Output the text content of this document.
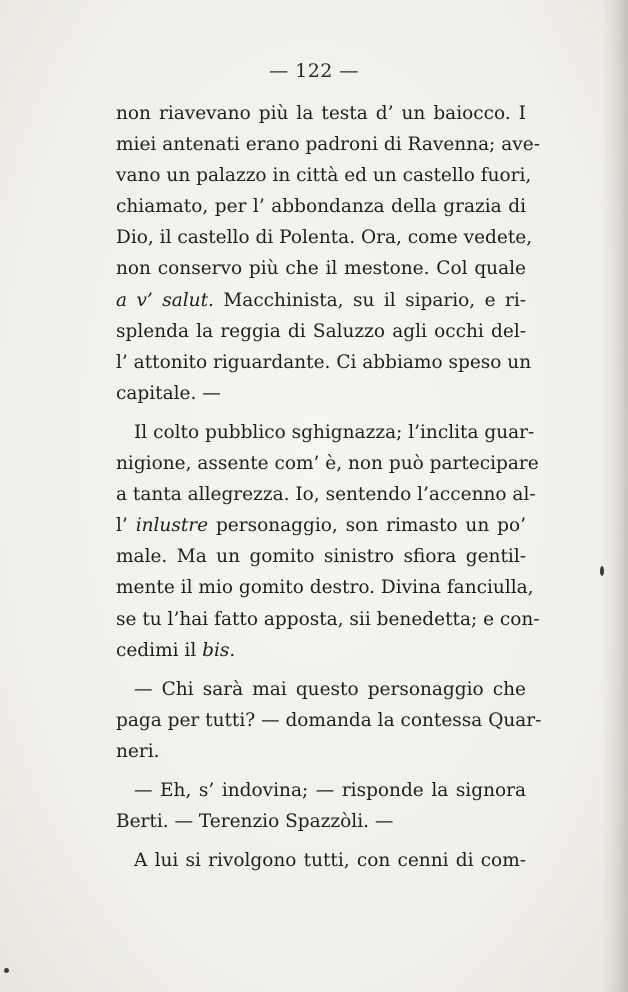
— 122 —
non riavevano più la testa d’ un baiocco. I
miei antenati erano padroni di Ravenna; ave-
vano un palazzo in città ed un castello fuori,
chiamato, per l’ abbondanza della grazia di
Dio, il castello di Polenta. Ora, come vedete,
non conservo più che il mestone. Col quale
a v’ salut. Macchinista, su il sipario, e ri-
splenda la reggia di Saluzzo agli occhi del-
l’ attonito riguardante. Ci abbiamo speso un
capitale. —
Il colto pubblico sghignazza; l’inclita guar-
nigione, assente com’ è, non può partecipare
a tanta allegrezza. Io, sentendo l’accenno al-
l’ inlustre personaggio, son rimasto un po’
male. Ma un gomito sinistro sfiora gentil-
mente il mio gomito destro. Divina fanciulla,
se tu l’hai fatto apposta, sii benedetta; e con-
cedimi il bis.
— Chi sarà mai questo personaggio che
paga per tutti? — domanda la contessa Quar-
neri.
— Eh, s’ indovina; — risponde la signora
Berti. — Terenzio Spazzòli. —
A lui si rivolgono tutti, con cenni di com-
